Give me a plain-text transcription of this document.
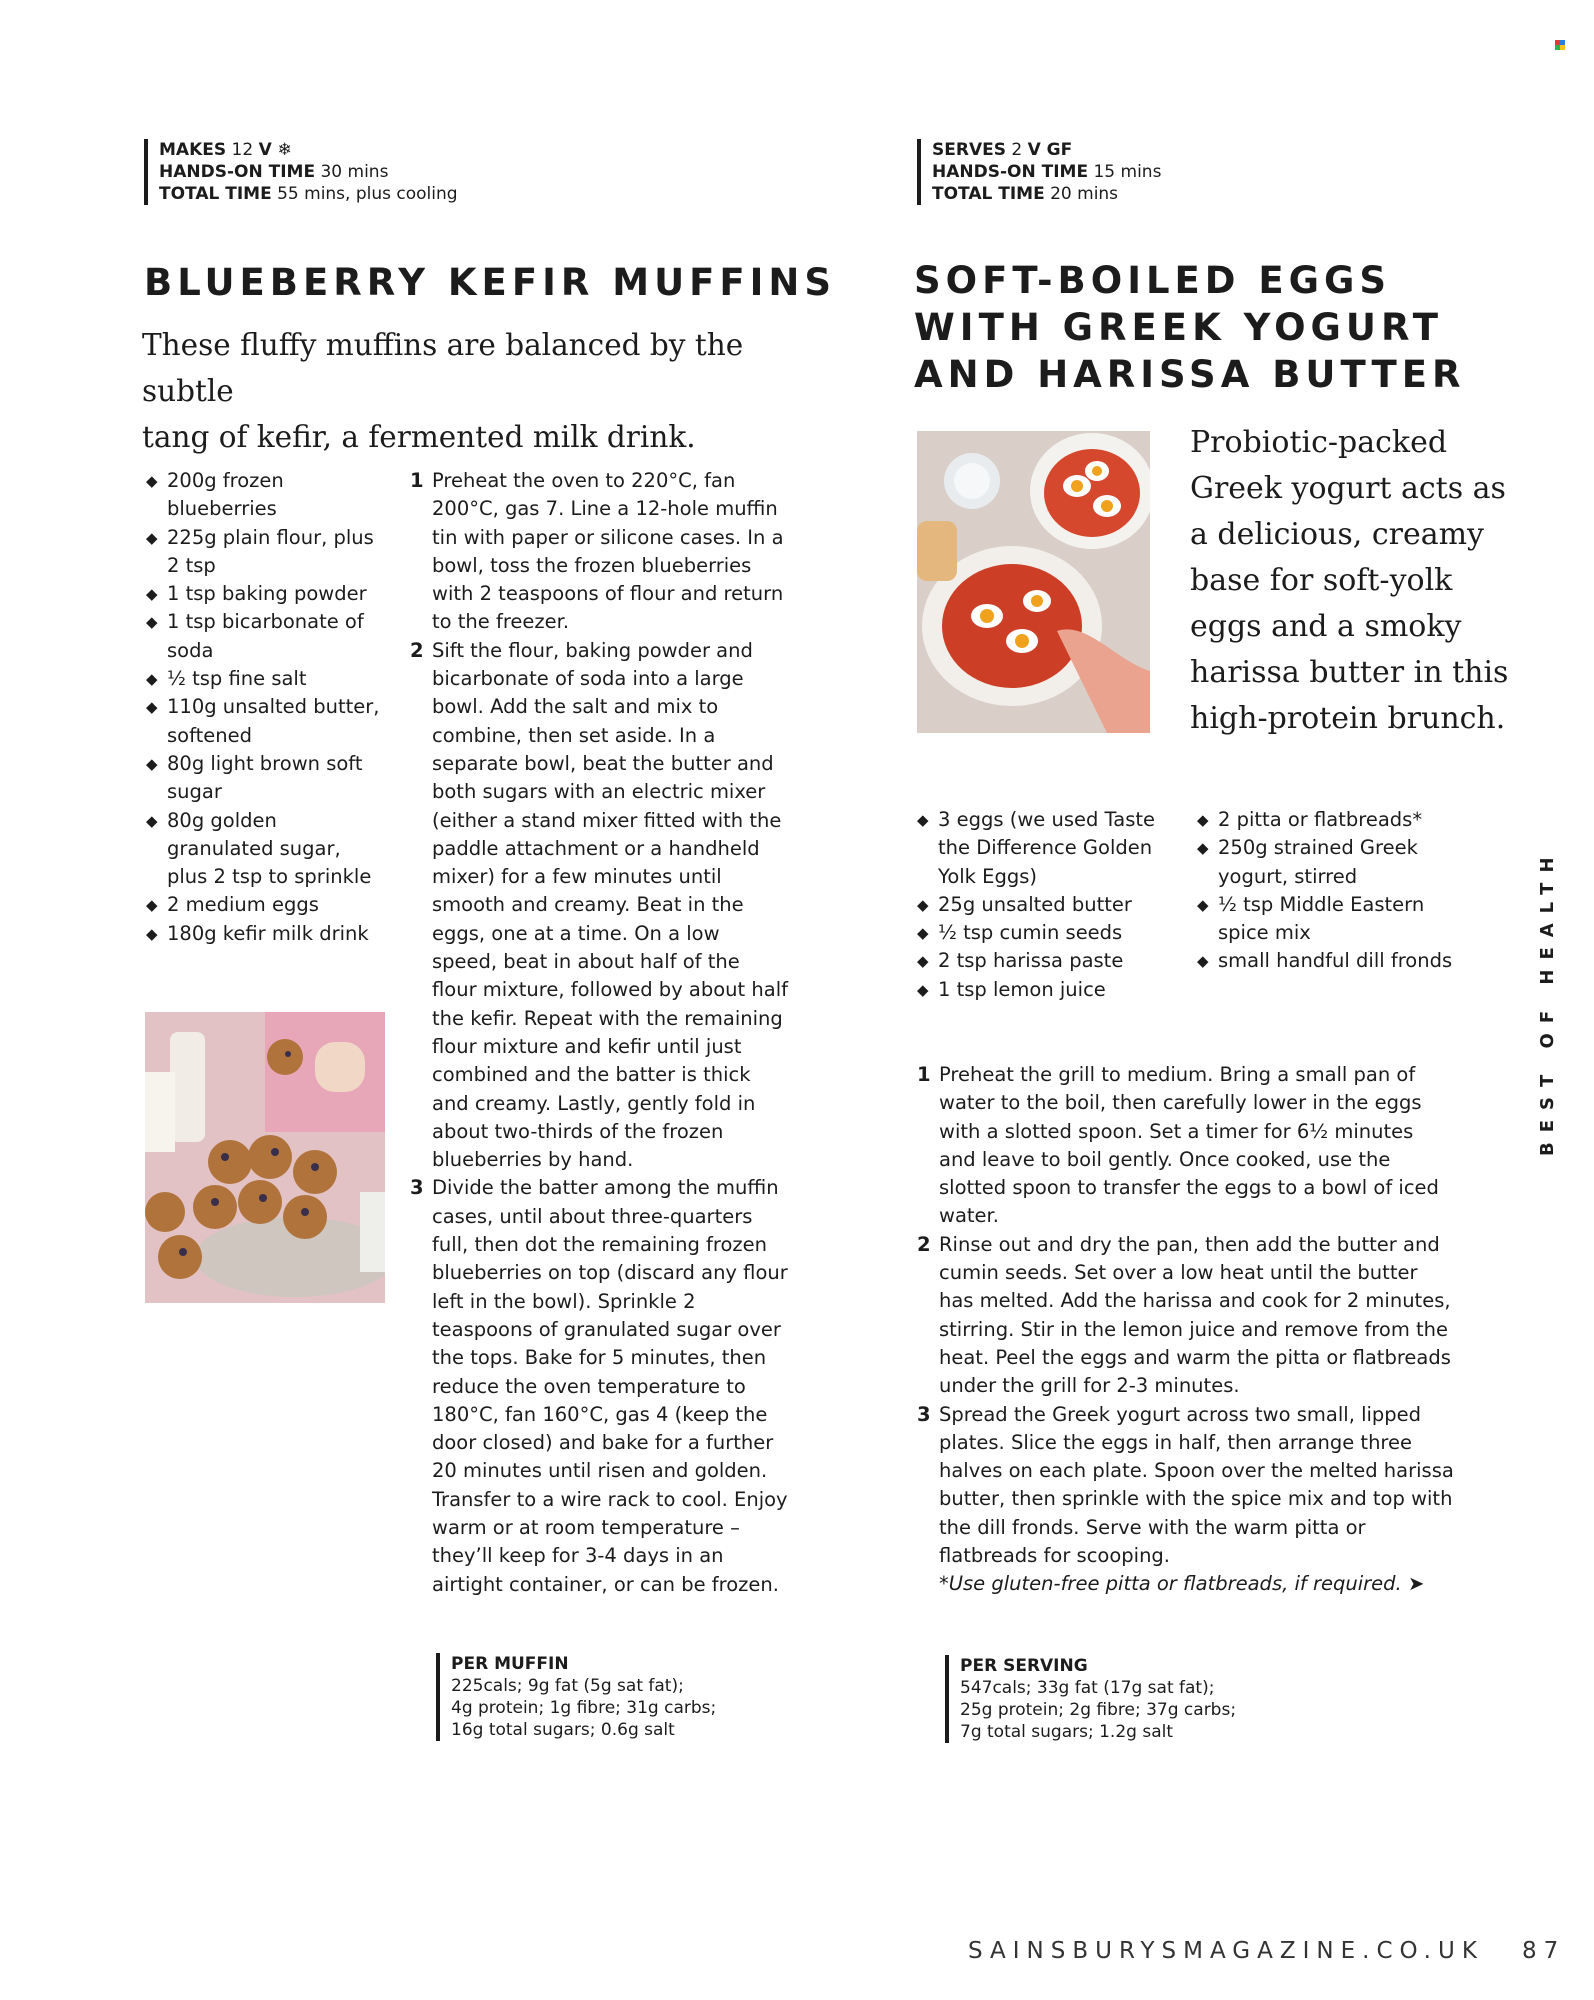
MAKES 12 V ❄
HANDS-ON TIME 30 mins
TOTAL TIME 55 mins, plus cooling
BLUEBERRY KEFIR MUFFINS
These fluffy muffins are balanced by the subtle
tang of kefir, a fermented milk drink.
◆ 200g frozen blueberries
◆ 225g plain flour, plus 2 tsp
◆ 1 tsp baking powder
◆ 1 tsp bicarbonate of soda
◆ ½ tsp fine salt
◆ 110g unsalted butter, softened
◆ 80g light brown soft sugar
◆ 80g golden granulated sugar, plus 2 tsp to sprinkle
◆ 2 medium eggs
◆ 180g kefir milk drink
1 Preheat the oven to 220°C, fan 200°C, gas 7. Line a 12-hole muffin tin with paper or silicone cases. In a bowl, toss the frozen blueberries with 2 teaspoons of flour and return to the freezer.
2 Sift the flour, baking powder and bicarbonate of soda into a large bowl. Add the salt and mix to combine, then set aside. In a separate bowl, beat the butter and both sugars with an electric mixer (either a stand mixer fitted with the paddle attachment or a handheld mixer) for a few minutes until smooth and creamy. Beat in the eggs, one at a time. On a low speed, beat in about half of the flour mixture, followed by about half the kefir. Repeat with the remaining flour mixture and kefir until just combined and the batter is thick and creamy. Lastly, gently fold in about two-thirds of the frozen blueberries by hand.
3 Divide the batter among the muffin cases, until about three-quarters full, then dot the remaining frozen blueberries on top (discard any flour left in the bowl). Sprinkle 2 teaspoons of granulated sugar over the tops. Bake for 5 minutes, then reduce the oven temperature to 180°C, fan 160°C, gas 4 (keep the door closed) and bake for a further 20 minutes until risen and golden. Transfer to a wire rack to cool. Enjoy warm or at room temperature – they’ll keep for 3-4 days in an airtight container, or can be frozen.
PER MUFFIN
225cals; 9g fat (5g sat fat);
4g protein; 1g fibre; 31g carbs;
16g total sugars; 0.6g salt
SERVES 2 V GF
HANDS-ON TIME 15 mins
TOTAL TIME 20 mins
SOFT-BOILED EGGS
WITH GREEK YOGURT
AND HARISSA BUTTER
Probiotic-packed
Greek yogurt acts as
a delicious, creamy
base for soft-yolk
eggs and a smoky
harissa butter in this
high-protein brunch.
◆ 3 eggs (we used Taste the Difference Golden Yolk Eggs)
◆ 25g unsalted butter
◆ ½ tsp cumin seeds
◆ 2 tsp harissa paste
◆ 1 tsp lemon juice
◆ 2 pitta or flatbreads*
◆ 250g strained Greek yogurt, stirred
◆ ½ tsp Middle Eastern spice mix
◆ small handful dill fronds
1 Preheat the grill to medium. Bring a small pan of water to the boil, then carefully lower in the eggs with a slotted spoon. Set a timer for 6½ minutes and leave to boil gently. Once cooked, use the slotted spoon to transfer the eggs to a bowl of iced water.
2 Rinse out and dry the pan, then add the butter and cumin seeds. Set over a low heat until the butter has melted. Add the harissa and cook for 2 minutes, stirring. Stir in the lemon juice and remove from the heat. Peel the eggs and warm the pitta or flatbreads under the grill for 2-3 minutes.
3 Spread the Greek yogurt across two small, lipped plates. Slice the eggs in half, then arrange three halves on each plate. Spoon over the melted harissa butter, then sprinkle with the spice mix and top with the dill fronds. Serve with the warm pitta or flatbreads for scooping.
*Use gluten-free pitta or flatbreads, if required. ➤
PER SERVING
547cals; 33g fat (17g sat fat);
25g protein; 2g fibre; 37g carbs;
7g total sugars; 1.2g salt
BEST OF HEALTH
SAINSBURYSMAGAZINE.CO.UK 87
